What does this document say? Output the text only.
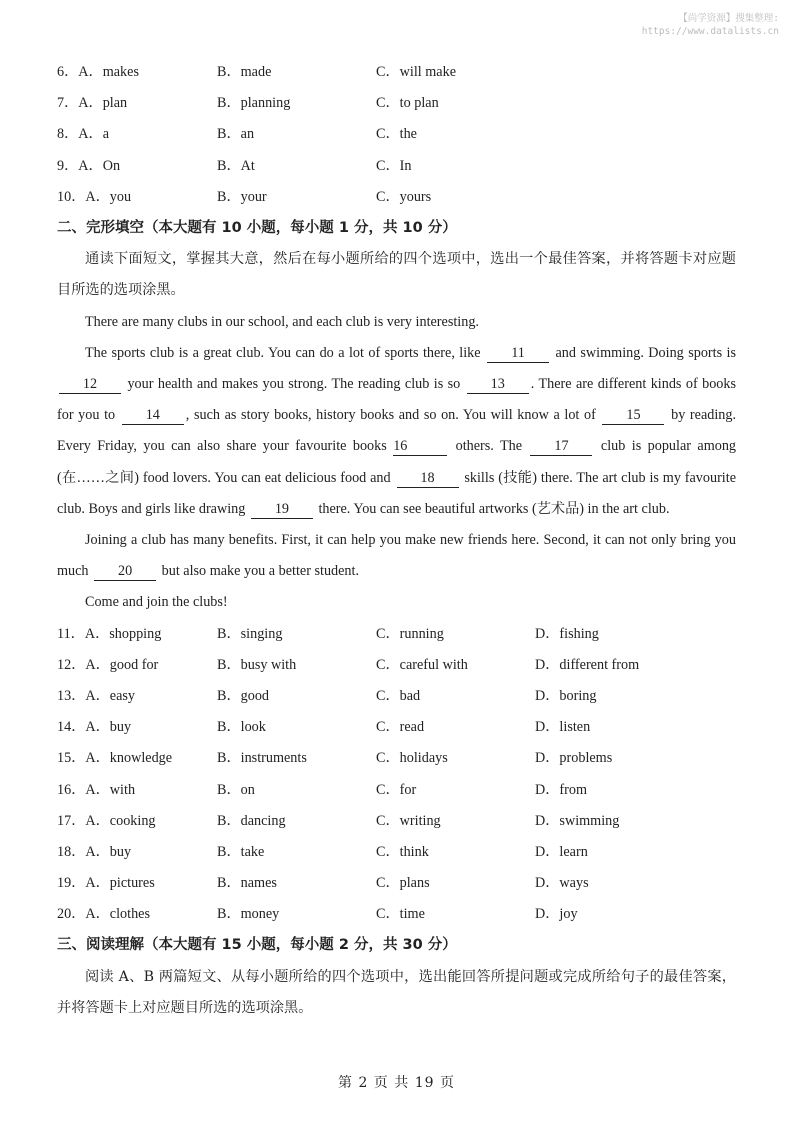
【尚学资源】搜集整理:
https://www.datalists.cn
6．A．makes	B．made	C．will make
7．A．plan	B．planning	C．to plan
8．A．a	B．an	C．the
9．A．On	B．At	C．In
10．A．you	B．your	C．yours
二、完形填空（本大题有 10 小题，每小题 1 分，共 10 分）

通读下面短文，掌握其大意，然后在每小题所给的四个选项中，选出一个最佳答案，并将答题卡对应题目所选的选项涂黑。

There are many clubs in our school, and each club is very interesting.

The sports club is a great club. You can do a lot of sports there, like 11 and swimming. Doing sports is 12 your health and makes you strong. The reading club is so 13 . There are different kinds of books for you to 14 , such as story books, history books and so on. You will know a lot of 15 by reading. Every Friday, you can also share your favourite books 16	others. The 17 club is popular among (在……之间) food lovers. You can eat delicious food and 18 skills (技能) there. The art club is my favourite club. Boys and girls like drawing 19 there. You can see beautiful artworks (艺术品) in the art club.

Joining a club has many benefits. First, it can help you make new friends here. Second, it can not only bring you much 20 but also make you a better student.

Come and join the clubs!

11．A．shopping	B．singing	C．running	D．fishing
12．A．good for	B．busy with	C．careful with	D．different from
13．A．easy	B．good	C．bad	D．boring
14．A．buy	B．look	C．read	D．listen
15．A．knowledge	B．instruments	C．holidays	D．problems
16．A．with	B．on	C．for	D．from
17．A．cooking	B．dancing	C．writing	D．swimming
18．A．buy	B．take	C．think	D．learn
19．A．pictures	B．names	C．plans	D．ways
20．A．clothes	B．money	C．time	D．joy
三、阅读理解（本大题有 15 小题，每小题 2 分，共 30 分）

阅读 A、B 两篇短文、从每小题所给的四个选项中，选出能回答所提问题或完成所给句子的最佳答案，并将答题卡上对应题目所选的选项涂黑。

第 2 页 共 19 页
